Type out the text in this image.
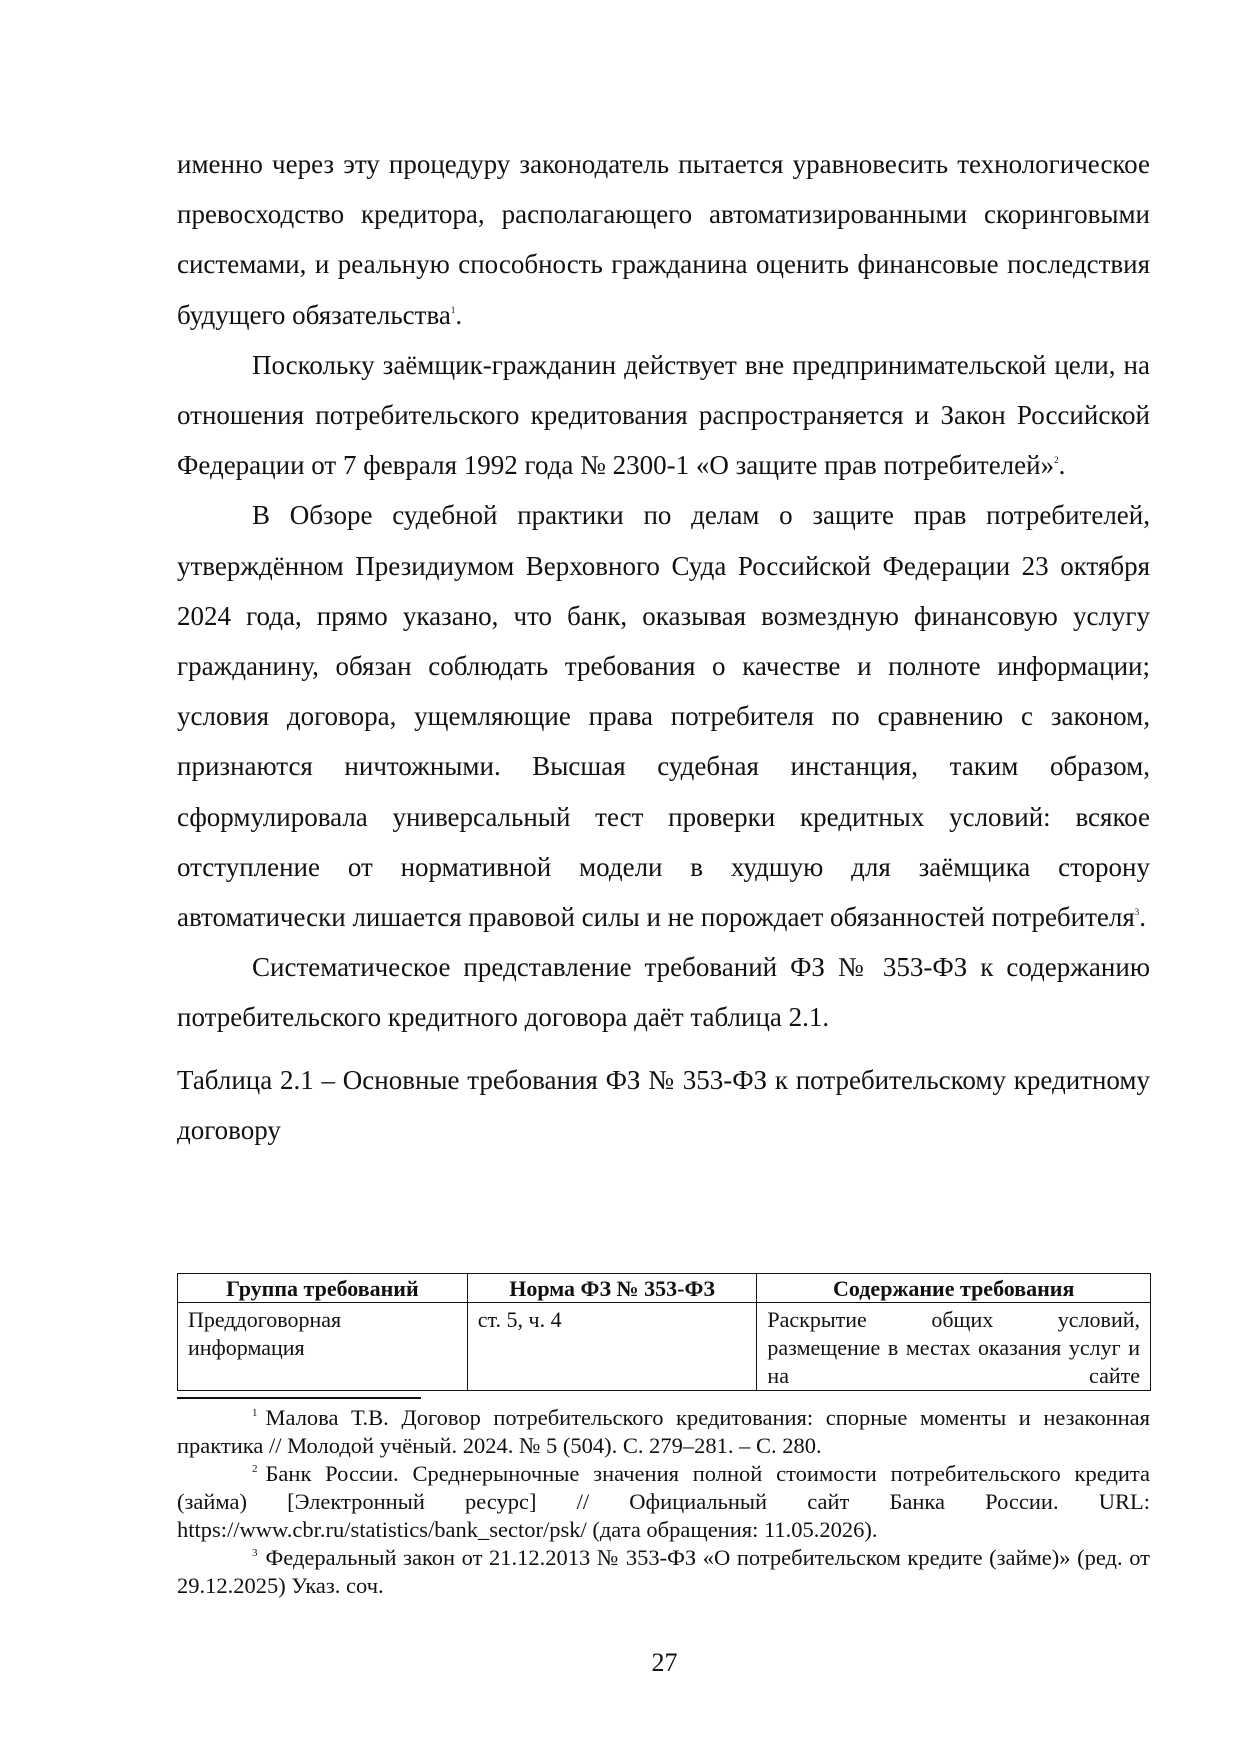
именно через эту процедуру законодатель пытается уравновесить технологическое превосходство кредитора, располагающего автоматизированными скоринговыми системами, и реальную способность гражданина оценить финансовые последствия будущего обязательства$^1$.

Поскольку заёмщик-гражданин действует вне предпринимательской цели, на отношения потребительского кредитования распространяется и Закон Российской Федерации от 7 февраля 1992 года № 2300-1 «О защите прав потребителей»$^2$.

В Обзоре судебной практики по делам о защите прав потребителей, утверждённом Президиумом Верховного Суда Российской Федерации 23 октября 2024 года, прямо указано, что банк, оказывая возмездную финансовую услугу гражданину, обязан соблюдать требования о качестве и полноте информации; условия договора, ущемляющие права потребителя по сравнению с законом, признаются ничтожными. Высшая судебная инстанция, таким образом, сформулировала универсальный тест проверки кредитных условий: всякое отступление от нормативной модели в худшую для заёмщика сторону автоматически лишается правовой силы и не порождает обязанностей потребителя$^3$.

Систематическое представление требований ФЗ № 353-ФЗ к содержанию потребительского кредитного договора даёт таблица 2.1.

Таблица 2.1 – Основные требования ФЗ № 353-ФЗ к потребительскому кредитному договору

Группа требований	Норма ФЗ № 353-ФЗ	Содержание требования
Преддоговорная информация	ст. 5, ч. 4	Раскрытие общих условий, размещение в местах оказания услуг и на сайте

$^1$ Малова Т.В. Договор потребительского кредитования: спорные моменты и незаконная практика // Молодой учёный. 2024. № 5 (504). С. 279–281. – С. 280.

$^2$ Банк России. Среднерыночные значения полной стоимости потребительского кредита (займа) [Электронный ресурс] // Официальный сайт Банка России. URL: https://www.cbr.ru/statistics/bank_sector/psk/ (дата обращения: 11.05.2026).

$^3$ Федеральный закон от 21.12.2013 № 353-ФЗ «О потребительском кредите (займе)» (ред. от 29.12.2025) Указ. соч.

27
